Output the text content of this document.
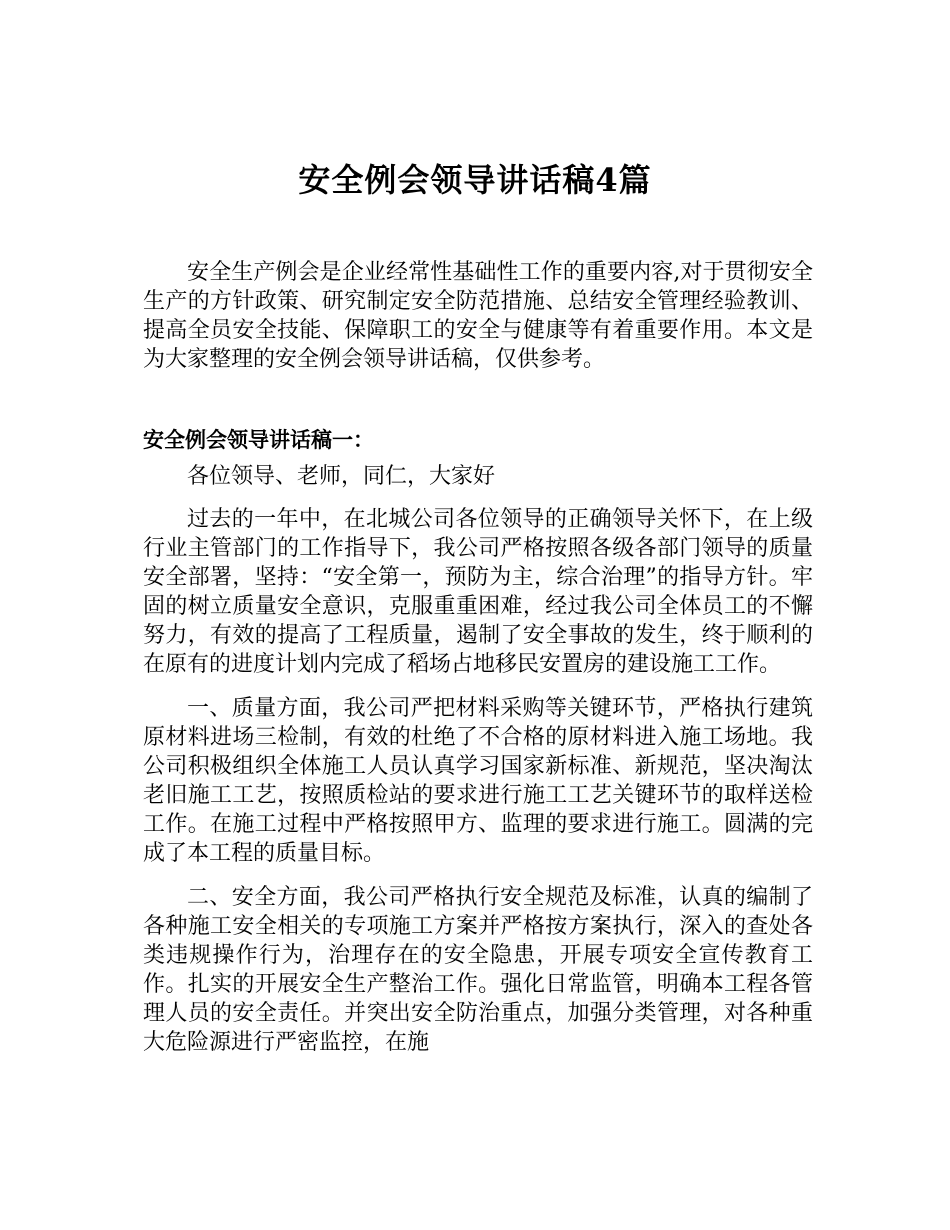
安全例会领导讲话稿4篇

安全生产例会是企业经常性基础性工作的重要内容,对于贯彻安全生产的方针政策、研究制定安全防范措施、总结安全管理经验教训、提高全员安全技能、保障职工的安全与健康等有着重要作用。本文是为大家整理的安全例会领导讲话稿，仅供参考。

安全例会领导讲话稿一：

各位领导、老师，同仁，大家好

过去的一年中，在北城公司各位领导的正确领导关怀下，在上级行业主管部门的工作指导下，我公司严格按照各级各部门领导的质量安全部署，坚持：“安全第一，预防为主，综合治理”的指导方针。牢固的树立质量安全意识，克服重重困难，经过我公司全体员工的不懈努力，有效的提高了工程质量，遏制了安全事故的发生，终于顺利的在原有的进度计划内完成了稻场占地移民安置房的建设施工工作。

一、质量方面，我公司严把材料采购等关键环节，严格执行建筑原材料进场三检制，有效的杜绝了不合格的原材料进入施工场地。我公司积极组织全体施工人员认真学习国家新标准、新规范，坚决淘汰老旧施工工艺，按照质检站的要求进行施工工艺关键环节的取样送检工作。在施工过程中严格按照甲方、监理的要求进行施工。圆满的完成了本工程的质量目标。

二、安全方面，我公司严格执行安全规范及标准，认真的编制了各种施工安全相关的专项施工方案并严格按方案执行，深入的查处各类违规操作行为，治理存在的安全隐患，开展专项安全宣传教育工作。扎实的开展安全生产整治工作。强化日常监管，明确本工程各管理人员的安全责任。并突出安全防治重点，加强分类管理，对各种重大危险源进行严密监控，在施
